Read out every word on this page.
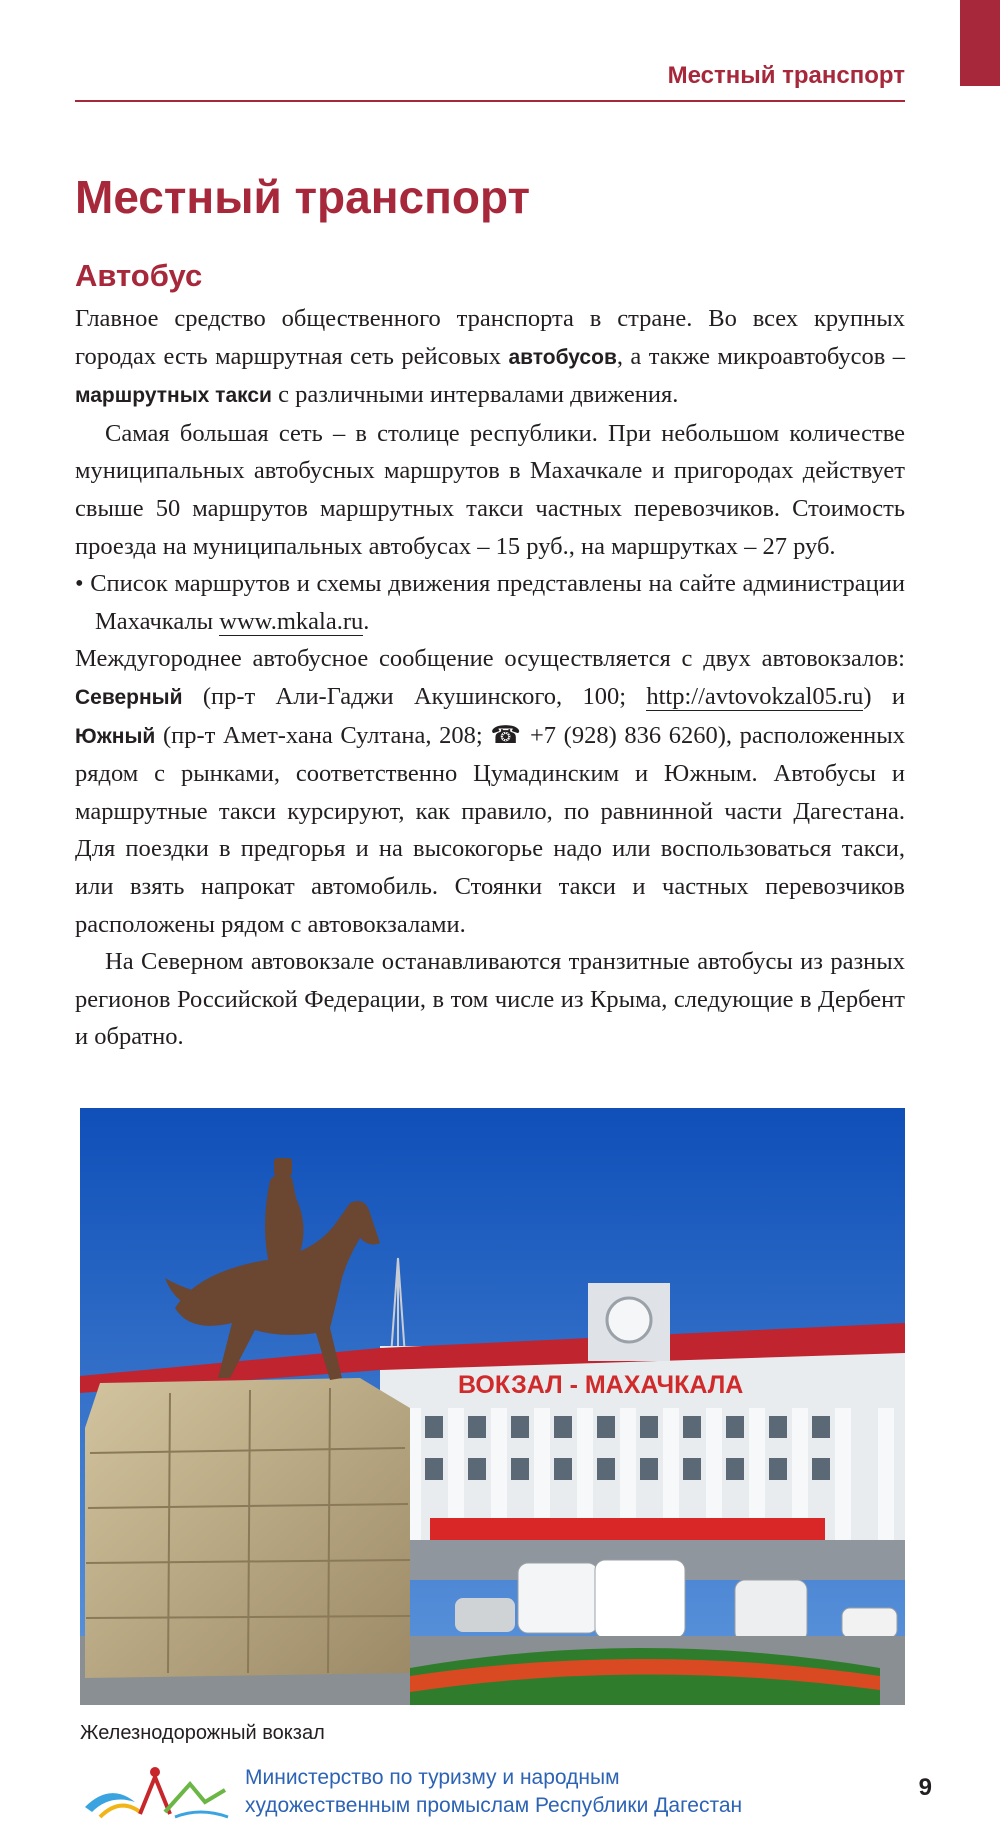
Местный транспорт
Местный транспорт
Автобус

Главное средство общественного транспорта в стране. Во всех крупных городах есть маршрутная сеть рейсовых автобусов, а также микроавтобусов – маршрутных такси с различными интервалами движения.

Самая большая сеть – в столице республики. При небольшом количестве муниципальных автобусных маршрутов в Махачкале и пригородах действует свыше 50 маршрутов маршрутных такси частных перевозчиков. Стоимость проезда на муниципальных автобусах – 15 руб., на маршрутках – 27 руб.

• Список маршрутов и схемы движения представлены на сайте администрации Махачкалы www.mkala.ru.

Междугороднее автобусное сообщение осуществляется с двух автовокзалов: Северный (пр-т Али-Гаджи Акушинского, 100; http://avtovokzal05.ru) и Южный (пр-т Амет-хана Султана, 208; ☎ +7 (928) 836 6260), расположенных рядом с рынками, соответственно Цумадинским и Южным. Автобусы и маршрутные такси курсируют, как правило, по равнинной части Дагестана. Для поездки в предгорья и на высокогорье надо или воспользоваться такси, или взять напрокат автомобиль. Стоянки такси и частных перевозчиков расположены рядом с автовокзалами.

На Северном автовокзале останавливаются транзитные автобусы из разных регионов Российской Федерации, в том числе из Крыма, следующие в Дербент и обратно.

ВОКЗАЛ - МАХАЧКАЛА
Железнодорожный вокзал
Министерство по туризму и народным
художественным промыслам Республики Дагестан
9
